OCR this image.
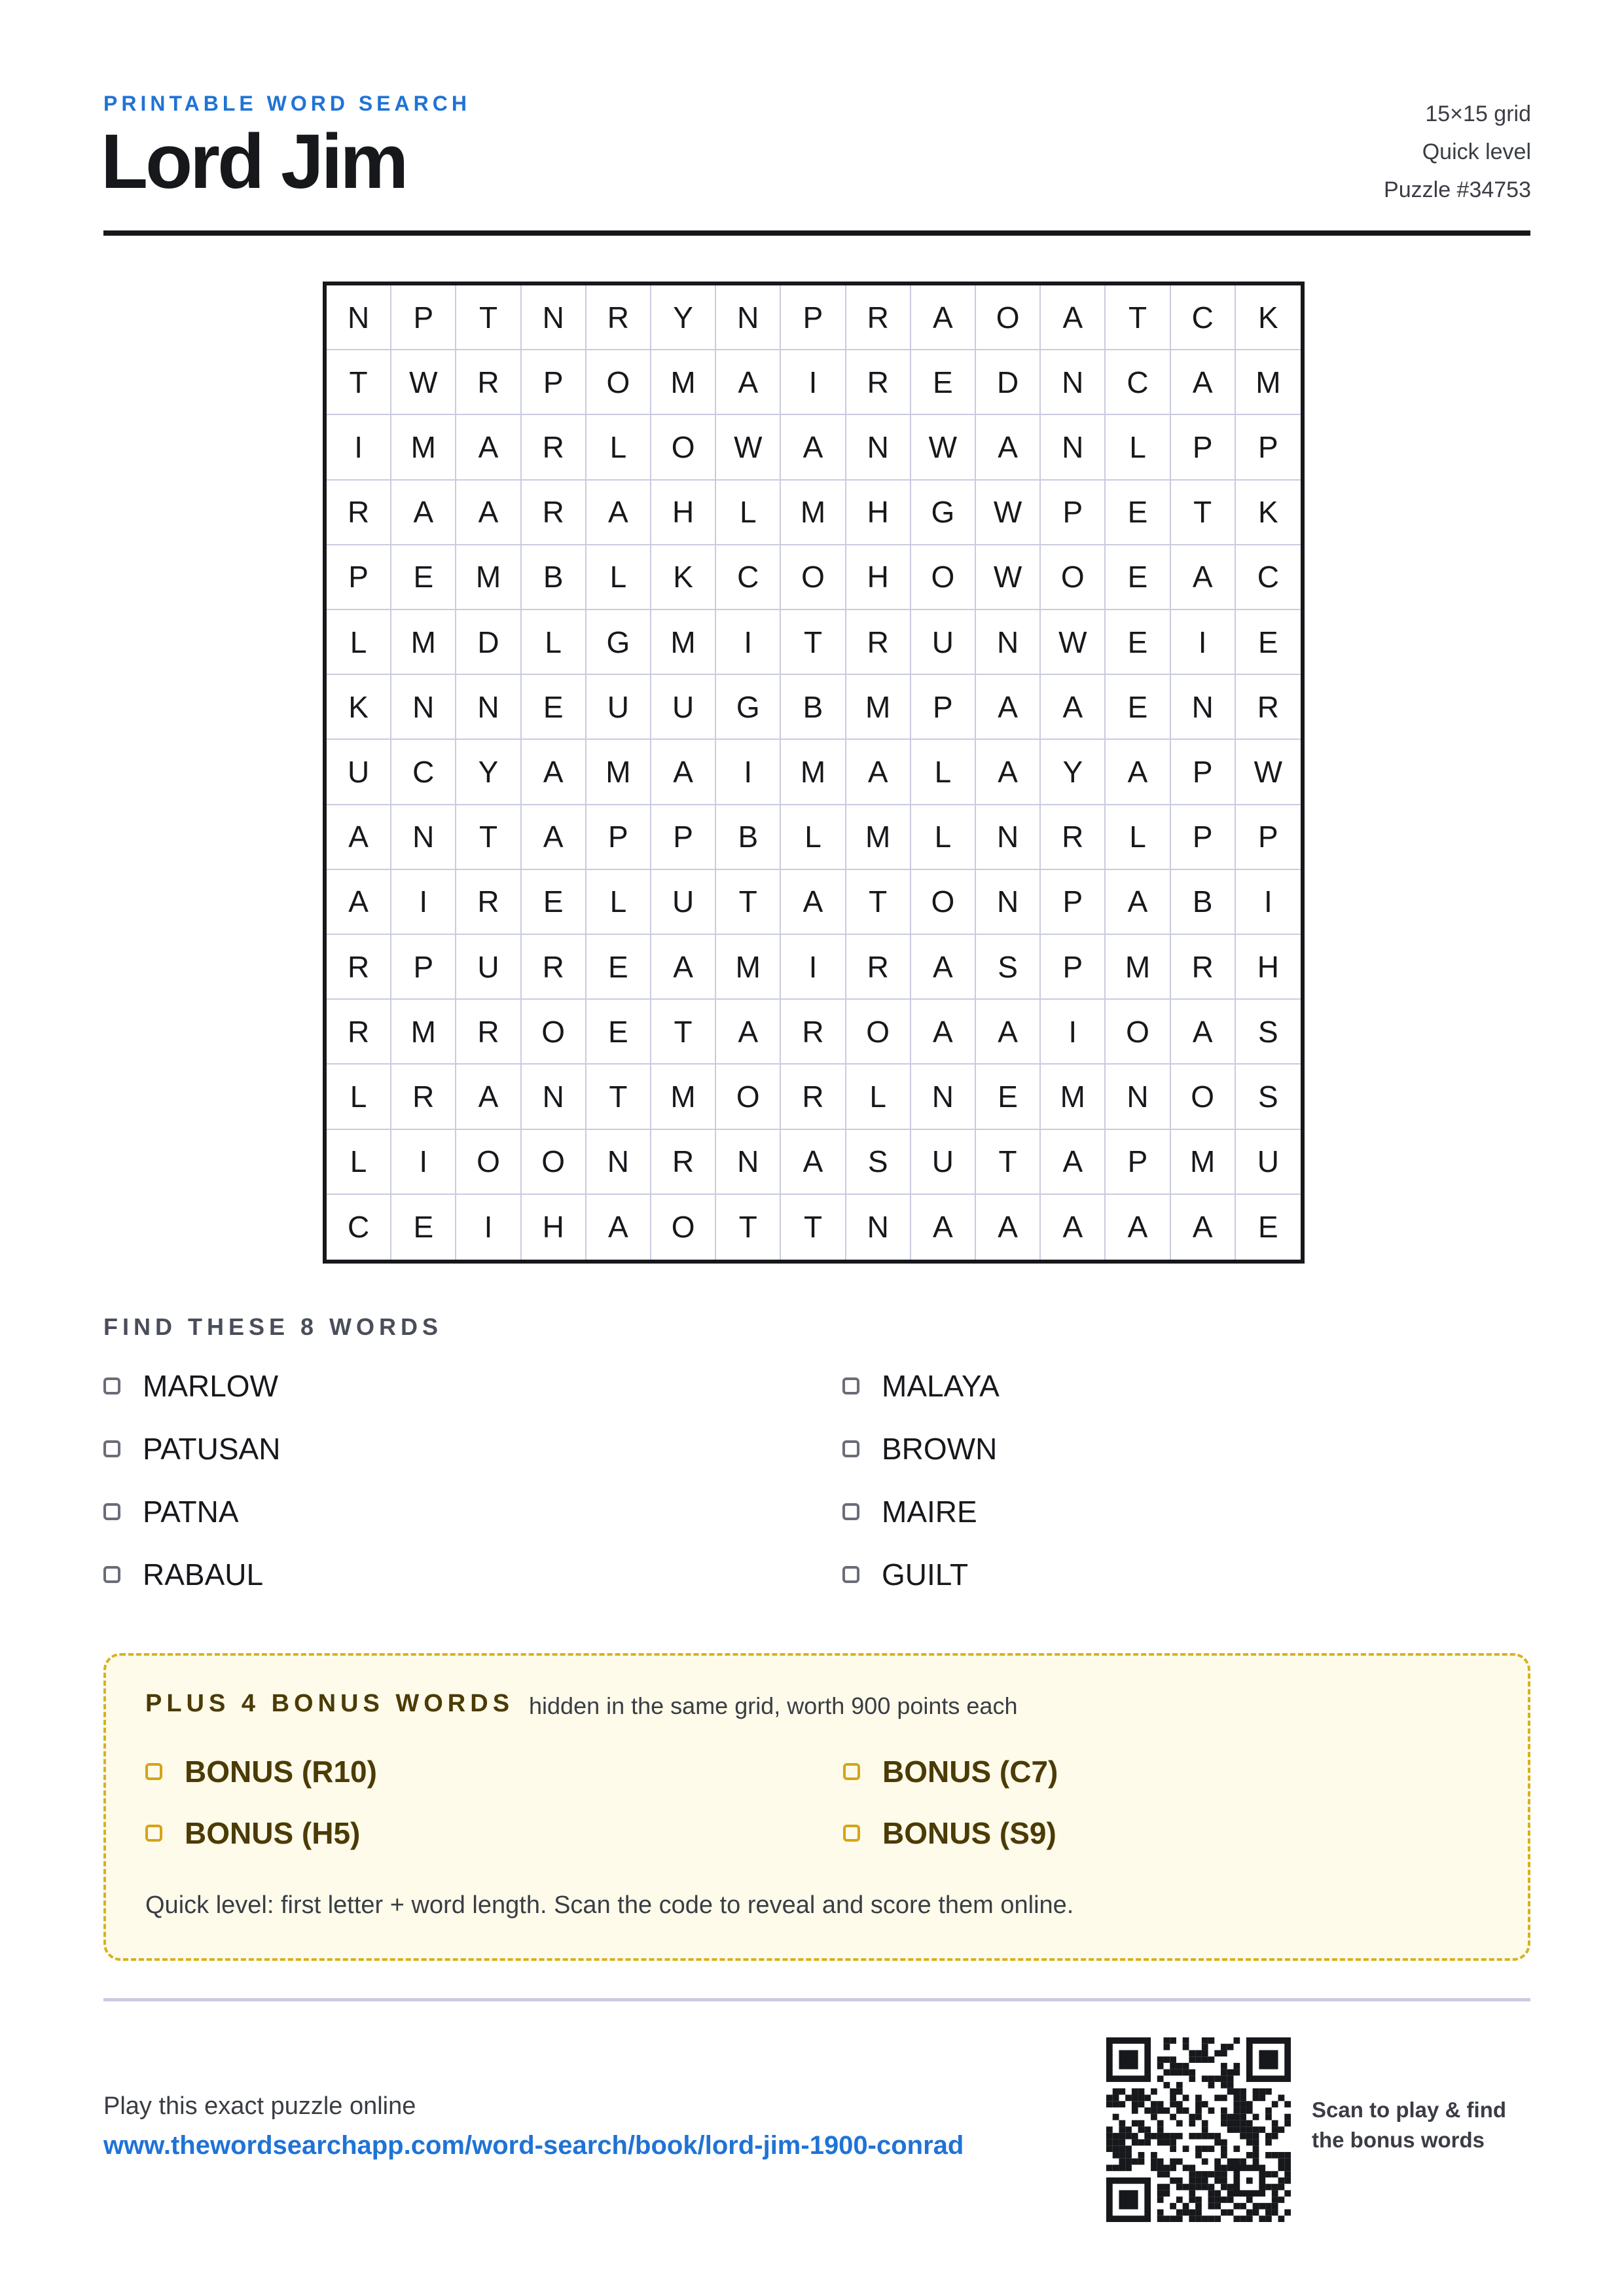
PRINTABLE WORD SEARCH
Lord Jim
15×15 grid
Quick level
Puzzle #34753
N	P	T	N	R	Y	N	P	R	A	O	A	T	C	K
T	W	R	P	O	M	A	I	R	E	D	N	C	A	M
I	M	A	R	L	O	W	A	N	W	A	N	L	P	P
R	A	A	R	A	H	L	M	H	G	W	P	E	T	K
P	E	M	B	L	K	C	O	H	O	W	O	E	A	C
L	M	D	L	G	M	I	T	R	U	N	W	E	I	E
K	N	N	E	U	U	G	B	M	P	A	A	E	N	R
U	C	Y	A	M	A	I	M	A	L	A	Y	A	P	W
A	N	T	A	P	P	B	L	M	L	N	R	L	P	P
A	I	R	E	L	U	T	A	T	O	N	P	A	B	I
R	P	U	R	E	A	M	I	R	A	S	P	M	R	H
R	M	R	O	E	T	A	R	O	A	A	I	O	A	S
L	R	A	N	T	M	O	R	L	N	E	M	N	O	S
L	I	O	O	N	R	N	A	S	U	T	A	P	M	U
C	E	I	H	A	O	T	T	N	A	A	A	A	A	E
FIND THESE 8 WORDS
MARLOW
PATUSAN
PATNA
RABAUL
MALAYA
BROWN
MAIRE
GUILT
PLUS 4 BONUS WORDS hidden in the same grid, worth 900 points each
BONUS (R10)
BONUS (H5)
BONUS (C7)
BONUS (S9)
Quick level: first letter + word length. Scan the code to reveal and score them online.
Play this exact puzzle online
www.thewordsearchapp.com/word-search/book/lord-jim-1900-conrad
Scan to play & find
the bonus words
